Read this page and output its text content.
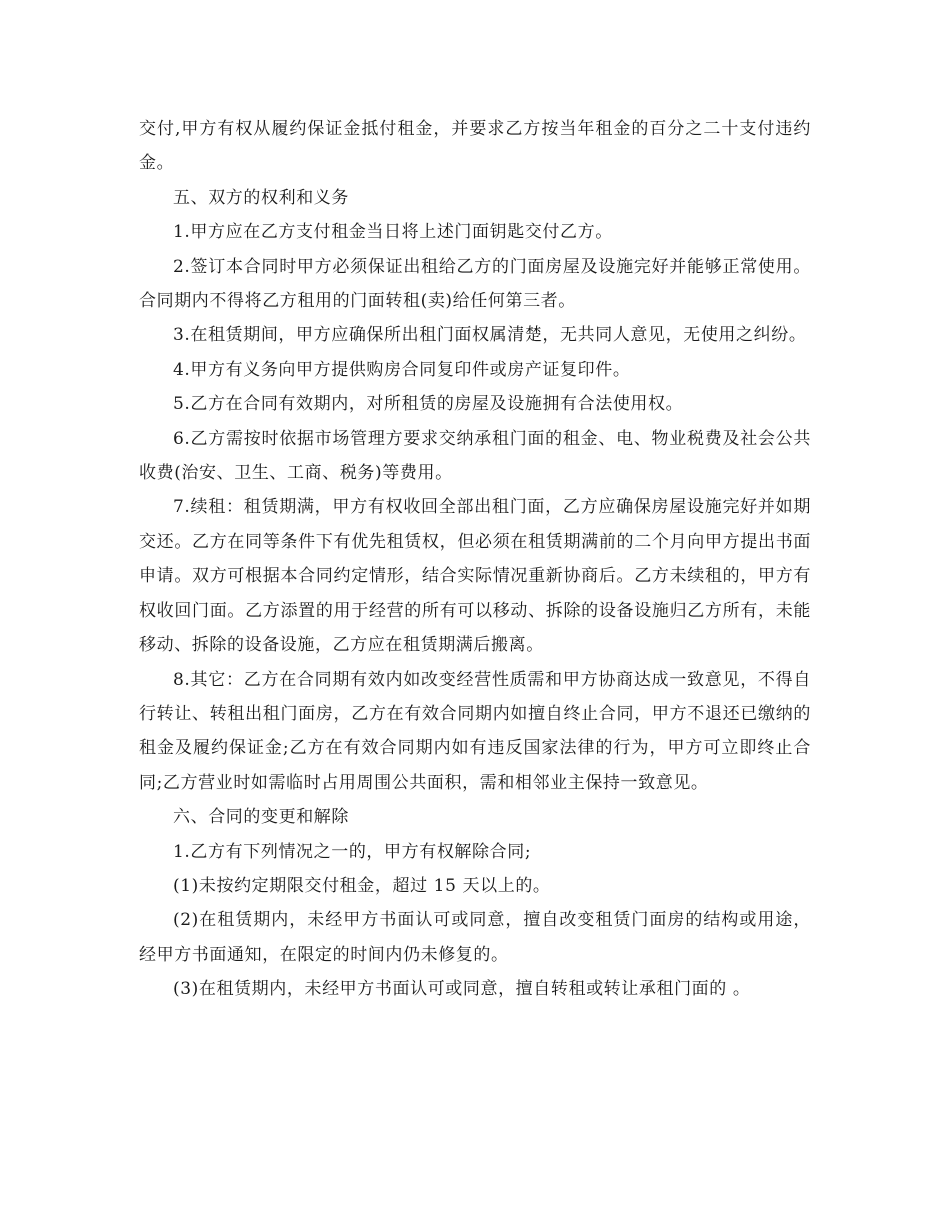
交付,甲方有权从履约保证金抵付租金，并要求乙方按当年租金的百分之二十支付违约金。

五、双方的权利和义务

1.甲方应在乙方支付租金当日将上述门面钥匙交付乙方。

2.签订本合同时甲方必须保证出租给乙方的门面房屋及设施完好并能够正常使用。合同期内不得将乙方租用的门面转租(卖)给任何第三者。

3.在租赁期间，甲方应确保所出租门面权属清楚，无共同人意见，无使用之纠纷。

4.甲方有义务向甲方提供购房合同复印件或房产证复印件。

5.乙方在合同有效期内，对所租赁的房屋及设施拥有合法使用权。

6.乙方需按时依据市场管理方要求交纳承租门面的租金、电、物业税费及社会公共收费(治安、卫生、工商、税务)等费用。

7.续租：租赁期满，甲方有权收回全部出租门面，乙方应确保房屋设施完好并如期交还。乙方在同等条件下有优先租赁权，但必须在租赁期满前的二个月向甲方提出书面申请。双方可根据本合同约定情形，结合实际情况重新协商后。乙方未续租的，甲方有权收回门面。乙方添置的用于经营的所有可以移动、拆除的设备设施归乙方所有，未能移动、拆除的设备设施，乙方应在租赁期满后搬离。

8.其它：乙方在合同期有效内如改变经营性质需和甲方协商达成一致意见，不得自行转让、转租出租门面房，乙方在有效合同期内如擅自终止合同，甲方不退还已缴纳的租金及履约保证金;乙方在有效合同期内如有违反国家法律的行为，甲方可立即终止合同;乙方营业时如需临时占用周围公共面积，需和相邻业主保持一致意见。

六、合同的变更和解除

1.乙方有下列情况之一的，甲方有权解除合同;

(1)未按约定期限交付租金，超过 15 天以上的。

(2)在租赁期内，未经甲方书面认可或同意，擅自改变租赁门面房的结构或用途，经甲方书面通知，在限定的时间内仍未修复的。

(3)在租赁期内，未经甲方书面认可或同意，擅自转租或转让承租门面的 。
